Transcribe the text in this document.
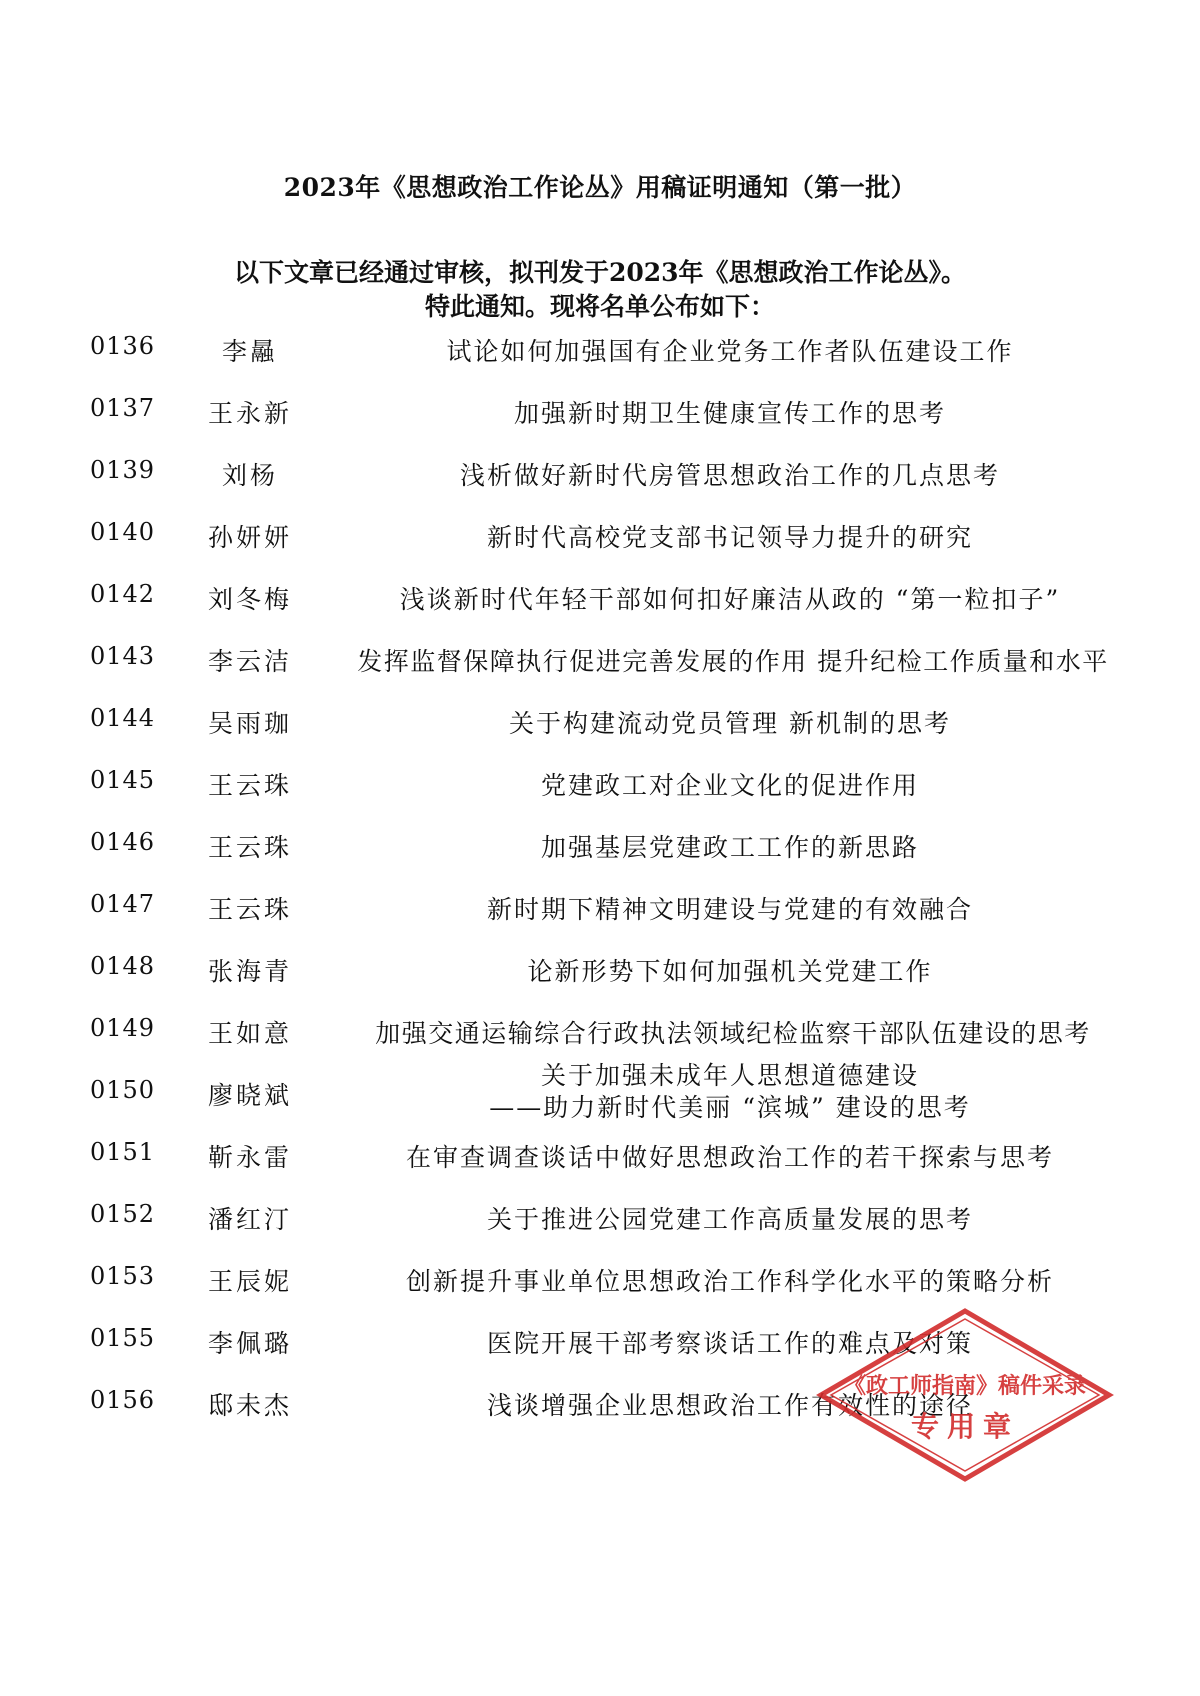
2023年《思想政治工作论丛》用稿证明通知（第一批）
以下文章已经通过审核，拟刊发于2023年《思想政治工作论丛》。
特此通知。现将名单公布如下：
0136	李曧	试论如何加强国有企业党务工作者队伍建设工作
0137	王永新	加强新时期卫生健康宣传工作的思考
0139	刘杨	浅析做好新时代房管思想政治工作的几点思考
0140	孙妍妍	新时代高校党支部书记领导力提升的研究
0142	刘冬梅	浅谈新时代年轻干部如何扣好廉洁从政的 “第一粒扣子”
0143	李云洁	发挥监督保障执行促进完善发展的作用 提升纪检工作质量和水平
0144	吴雨珈	关于构建流动党员管理 新机制的思考
0145	王云珠	党建政工对企业文化的促进作用
0146	王云珠	加强基层党建政工工作的新思路
0147	王云珠	新时期下精神文明建设与党建的有效融合
0148	张海青	论新形势下如何加强机关党建工作
0149	王如意	加强交通运输综合行政执法领域纪检监察干部队伍建设的思考
0150	廖晓斌
关于加强未成年人思想道德建设
——助力新时代美丽 “滨城” 建设的思考
0151	靳永雷	在审查调查谈话中做好思想政治工作的若干探索与思考
0152	潘红汀	关于推进公园党建工作高质量发展的思考
0153	王辰妮	创新提升事业单位思想政治工作科学化水平的策略分析
0155	李佩璐	医院开展干部考察谈话工作的难点及对策
0156	邸未杰	浅谈增强企业思想政治工作有效性的途径
《政工师指南》稿件采录
专用章
